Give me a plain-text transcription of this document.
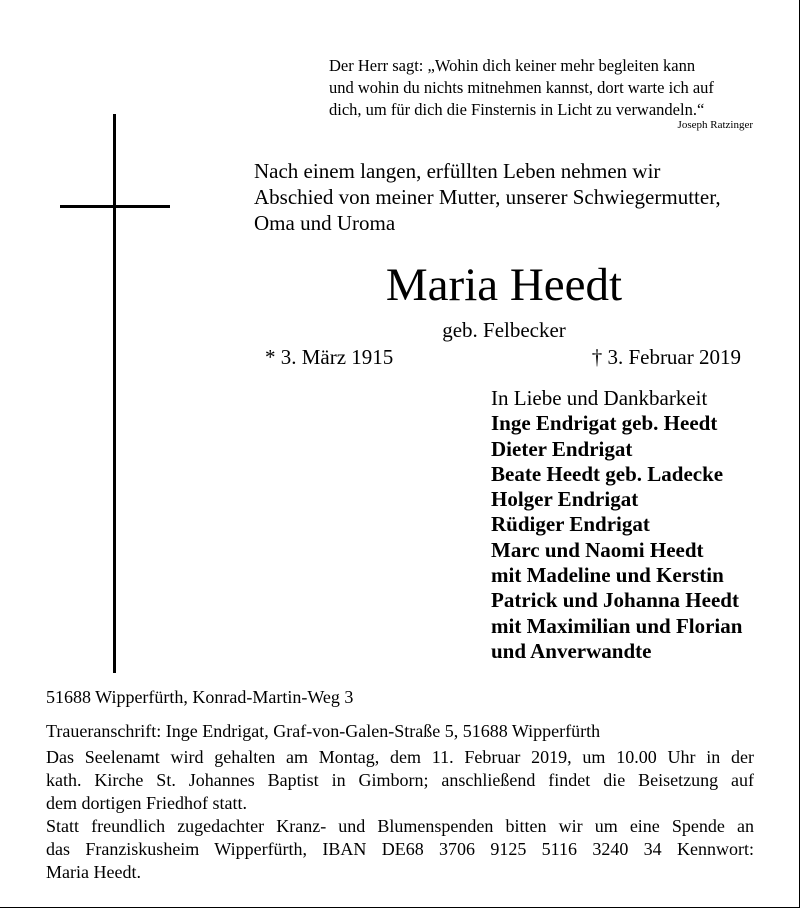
Der Herr sagt: „Wohin dich keiner mehr begleiten kann
und wohin du nichts mitnehmen kannst, dort warte ich auf
dich, um für dich die Finsternis in Licht zu verwandeln.“
Joseph Ratzinger
Nach einem langen, erfüllten Leben nehmen wir
Abschied von meiner Mutter, unserer Schwiegermutter,
Oma und Uroma
Maria Heedt
geb. Felbecker
* 3. März 1915	† 3. Februar 2019
In Liebe und Dankbarkeit
Inge Endrigat geb. Heedt
Dieter Endrigat
Beate Heedt geb. Ladecke
Holger Endrigat
Rüdiger Endrigat
Marc und Naomi Heedt
mit Madeline und Kerstin
Patrick und Johanna Heedt
mit Maximilian und Florian
und Anverwandte
51688 Wipperfürth, Konrad-Martin-Weg 3
Traueranschrift: Inge Endrigat, Graf-von-Galen-Straße 5, 51688 Wipperfürth
Das Seelenamt wird gehalten am Montag, dem 11. Februar 2019, um 10.00 Uhr in der
kath. Kirche St. Johannes Baptist in Gimborn; anschließend findet die Beisetzung auf
dem dortigen Friedhof statt.
Statt freundlich zugedachter Kranz- und Blumenspenden bitten wir um eine Spende an
das Franziskusheim Wipperfürth, IBAN DE68 3706 9125 5116 3240 34 Kennwort:
Maria Heedt.
